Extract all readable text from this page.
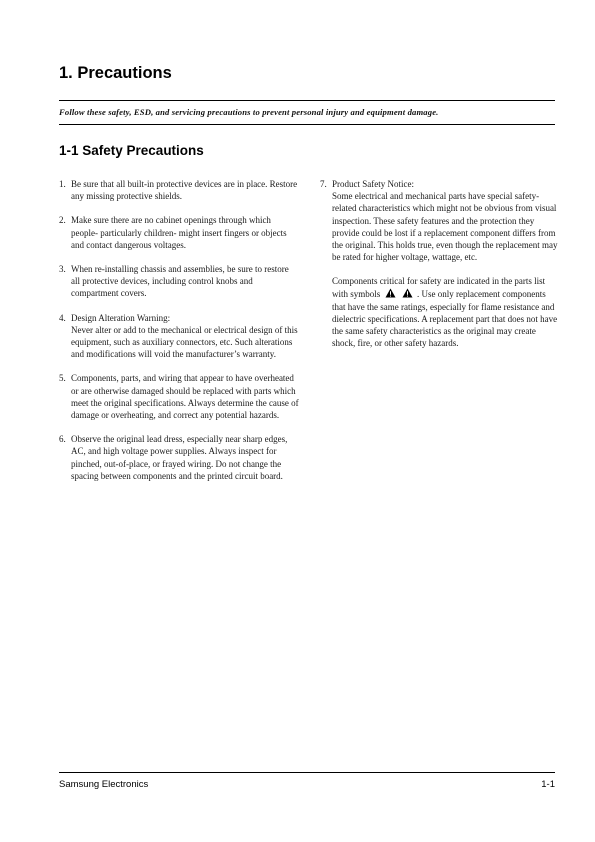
1. Precautions

Follow these safety, ESD, and servicing precautions to prevent personal injury and equipment damage.

1-1 Safety Precautions
1. Be sure that all built-in protective devices are in place. Restore any missing protective shields.
2. Make sure there are no cabinet openings through which people- particularly children- might insert fingers or objects and contact dangerous voltages.
3. When re-installing chassis and assemblies, be sure to restore all protective devices, including control knobs and compartment covers.
4. Design Alteration Warning:
Never alter or add to the mechanical or electrical design of this equipment, such as auxiliary connectors, etc. Such alterations and modifications will void the manufacturer’s warranty.
5. Components, parts, and wiring that appear to have overheated or are otherwise damaged should be replaced with parts which meet the original specifications. Always determine the cause of damage or overheating, and correct any potential hazards.
6. Observe the original lead dress, especially near sharp edges, AC, and high voltage power supplies. Always inspect for pinched, out-of-place, or frayed wiring. Do not change the spacing between components and the printed circuit board.
7. Product Safety Notice:
Some electrical and mechanical parts have special safety-related characteristics which might not be obvious from visual inspection. These safety features and the protection they provide could be lost if a replacement component differs from the original. This holds true, even though the replacement may be rated for higher voltage, wattage, etc.
Components critical for safety are indicated in the parts list with symbols	. Use only replacement components that have the same ratings, especially for flame resistance and dielectric specifications. A replacement part that does not have the same safety characteristics as the original may create shock, fire, or other safety hazards.

Samsung Electronics	1-1
